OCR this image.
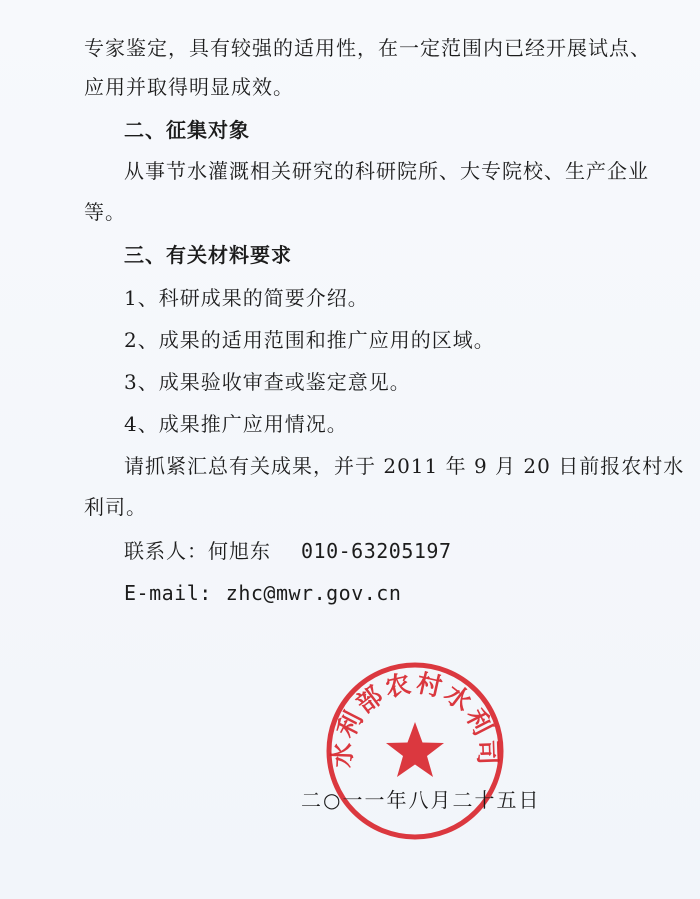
专家鉴定，具有较强的适用性，在一定范围内已经开展试点、
应用并取得明显成效。
二、征集对象
从事节水灌溉相关研究的科研院所、大专院校、生产企业
等。
三、有关材料要求
1、科研成果的简要介绍。
2、成果的适用范围和推广应用的区域。
3、成果验收审查或鉴定意见。
4、成果推广应用情况。
请抓紧汇总有关成果，并于 2011 年 9 月 20 日前报农村水
利司。
联系人：何旭东 010-63205197
E-mail: zhc@mwr.gov.cn
水利部农村水利司
二○一一年八月二十五日
